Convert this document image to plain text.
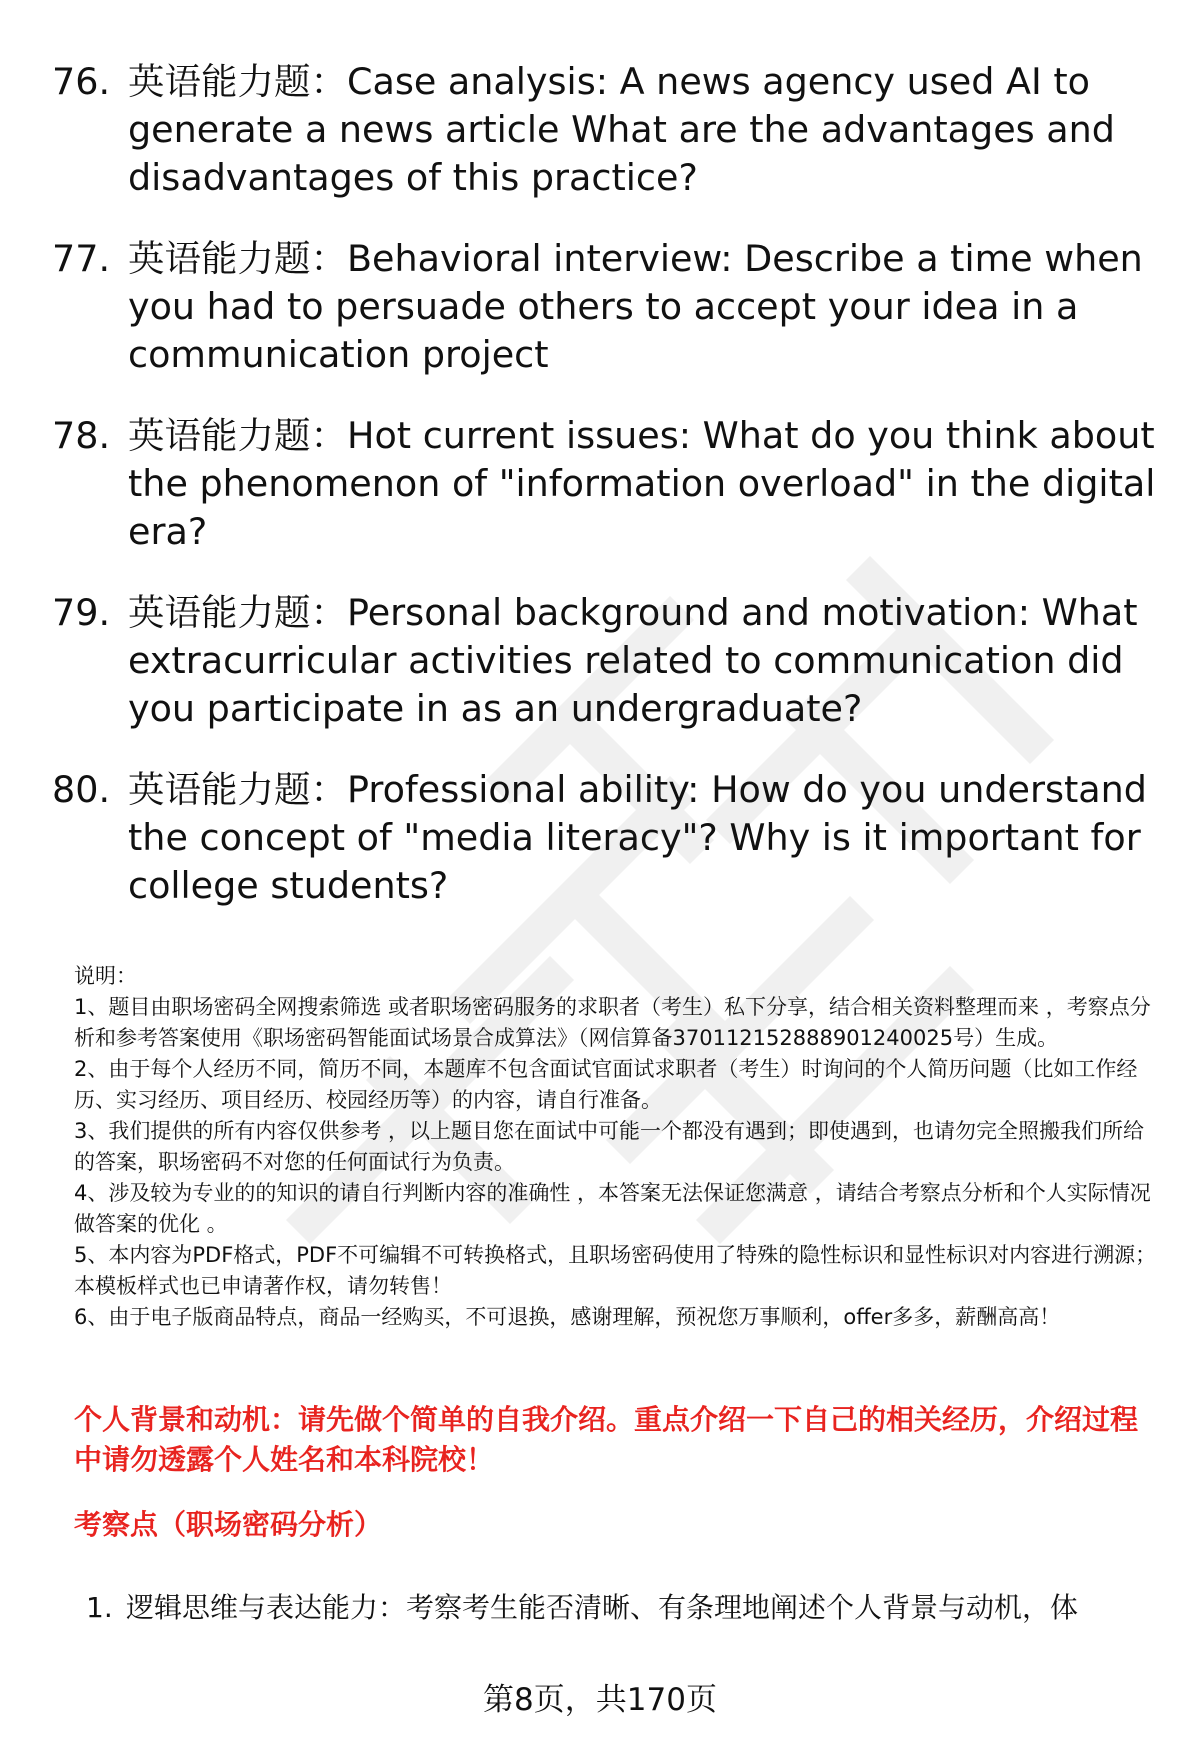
76. 英语能力题：Case analysis: A news agency used AI to generate a news article What are the advantages and disadvantages of this practice?
77. 英语能力题：Behavioral interview: Describe a time when you had to persuade others to accept your idea in a communication project
78. 英语能力题：Hot current issues: What do you think about the phenomenon of "information overload" in the digital era?
79. 英语能力题：Personal background and motivation: What extracurricular activities related to communication did you participate in as an undergraduate?
80. 英语能力题：Professional ability: How do you understand the concept of "media literacy"? Why is it important for college students?

说明：

1、题目由职场密码全网搜索筛选 或者职场密码服务的求职者（考生）私下分享，结合相关资料整理而来 ，考察点分析和参考答案使用《职场密码智能面试场景合成算法》（网信算备370112152888901240025号）生成。

2、由于每个人经历不同，简历不同，本题库不包含面试官面试求职者（考生）时询问的个人简历问题（比如工作经历、实习经历、项目经历、校园经历等）的内容，请自行准备。

3、我们提供的所有内容仅供参考 ，以上题目您在面试中可能一个都没有遇到；即使遇到，也请勿完全照搬我们所给的答案，职场密码不对您的任何面试行为负责。

4、涉及较为专业的的知识的请自行判断内容的准确性 ，本答案无法保证您满意 ，请结合考察点分析和个人实际情况做答案的优化 。

5、本内容为PDF格式，PDF不可编辑不可转换格式，且职场密码使用了特殊的隐性标识和显性标识对内容进行溯源；本模板样式也已申请著作权，请勿转售！

6、由于电子版商品特点，商品一经购买，不可退换，感谢理解，预祝您万事顺利，offer多多，薪酬高高！

个人背景和动机：请先做个简单的自我介绍。重点介绍一下自己的相关经历，介绍过程中请勿透露个人姓名和本科院校！
考察点（职场密码分析）
1. 逻辑思维与表达能力：考察考生能否清晰、有条理地阐述个人背景与动机，体
第8页，共170页
